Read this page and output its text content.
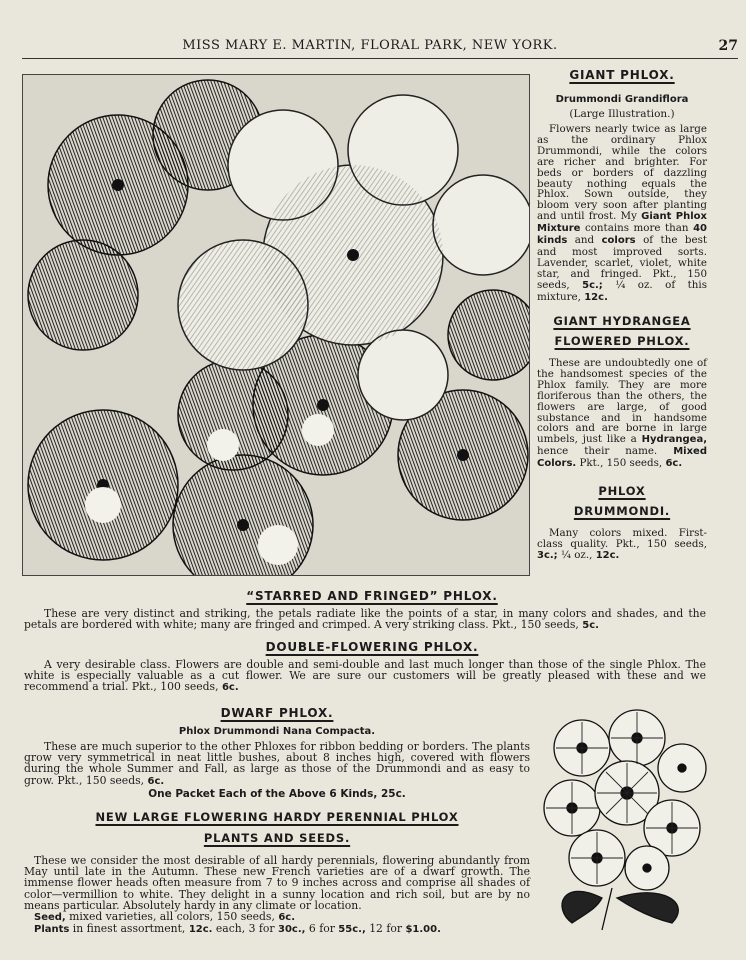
MISS MARY E. MARTIN, FLORAL PARK, NEW YORK.	27
GIANT PHLOX.
Drummondi Grandiflora
(Large Illustration.)
Flowers nearly twice as large as the ordinary Phlox Drummondi, while the colors are richer and brighter. For beds or borders of dazzling beauty nothing equals the Phlox. Sown outside, they bloom very soon after planting and until frost. My Giant Phlox Mixture contains more than 40 kinds and colors of the best and most improved sorts. Lavender, scarlet, violet, white star, and fringed. Pkt., 150 seeds, 5c.; ¼ oz. of this mixture, 12c.
GIANT HYDRANGEA
FLOWERED PHLOX.
These are undoubtedly one of the handsomest species of the Phlox family. They are more floriferous than the others, the flowers are large, of good substance and in handsome colors and are borne in large umbels, just like a Hydrangea, hence their name. Mixed Colors. Pkt., 150 seeds, 6c.
PHLOX
DRUMMONDI.
Many colors mixed. First-class quality. Pkt., 150 seeds, 3c.; ¼ oz., 12c.
“STARRED AND FRINGED” PHLOX.
These are very distinct and striking, the petals radiate like the points of a star, in many colors and shades, and the petals are bordered with white; many are fringed and crimped. A very striking class. Pkt., 150 seeds, 5c.
DOUBLE-FLOWERING PHLOX.
A very desirable class. Flowers are double and semi-double and last much longer than those of the single Phlox. The white is especially valuable as a cut flower. We are sure our customers will be greatly pleased with these and we recommend a trial. Pkt., 100 seeds, 6c.
DWARF PHLOX.
Phlox Drummondi Nana Compacta.
These are much superior to the other Phloxes for ribbon bedding or borders. The plants grow very symmetrical in neat little bushes, about 8 inches high, covered with flowers during the whole Summer and Fall, as large as those of the Drummondi and as easy to grow. Pkt., 150 seeds, 6c.
One Packet Each of the Above 6 Kinds, 25c.
NEW LARGE FLOWERING HARDY PERENNIAL PHLOX
PLANTS AND SEEDS.
These we consider the most desirable of all hardy perennials, flowering abundantly from May until late in the Autumn. These new French varieties are of a dwarf growth. The immense flower heads often measure from 7 to 9 inches across and comprise all shades of color—vermillion to white. They delight in a sunny location and rich soil, but are by no means particular. Absolutely hardy in any climate or location.
Seed, mixed varieties, all colors, 150 seeds, 6c.
Plants in finest assortment, 12c. each, 3 for 30c., 6 for 55c., 12 for $1.00.
